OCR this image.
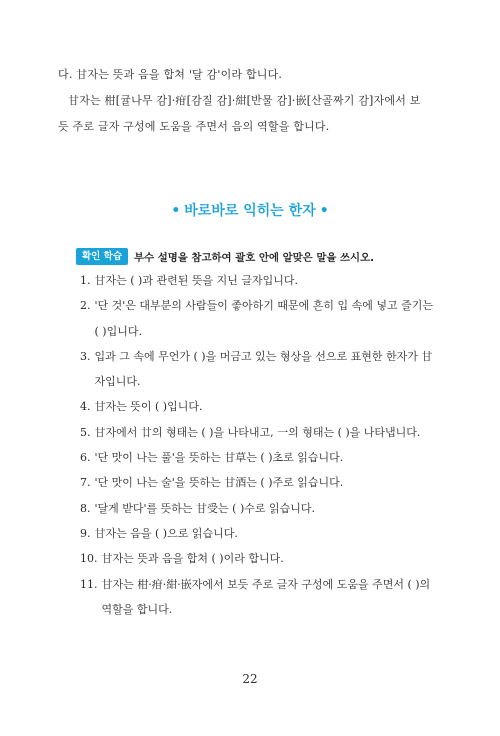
다. 甘자는 뜻과 음을 합쳐 '달 감'이라 합니다.

甘자는 柑[귤나무 감]·疳[감질 감]·紺[반물 감]·嵌[산골짜기 감]자에서 보

듯 주로 글자 구성에 도움을 주면서 음의 역할을 합니다.

• 바로바로 익히는 한자 •
확인 학습	부수 설명을 참고하여 괄호 안에 알맞은 말을 쓰시오.
1. 甘자는 ( )과 관련된 뜻을 지닌 글자입니다.
2. '단 것'은 대부분의 사람들이 좋아하기 때문에 흔히 입 속에 넣고 즐기는 ( )입니다.
3. 입과 그 속에 무언가 ( )을 머금고 있는 형상을 선으로 표현한 한자가 甘자입니다.
4. 甘자는 뜻이 ( )입니다.
5. 甘자에서 廿의 형태는 ( )을 나타내고, 一의 형태는 ( )을 나타냅니다.
6. '단 맛이 나는 풀'을 뜻하는 甘草는 ( )초로 읽습니다.
7. '단 맛이 나는 술'을 뜻하는 甘酒는 ( )주로 읽습니다.
8. '달게 받다'를 뜻하는 甘受는 ( )수로 읽습니다.
9. 甘자는 음을 ( )으로 읽습니다.
10. 甘자는 뜻과 음을 합쳐 ( )이라 합니다.
11. 甘자는 柑·疳·紺·嵌자에서 보듯 주로 글자 구성에 도움을 주면서 ( )의 역할을 합니다.
22
